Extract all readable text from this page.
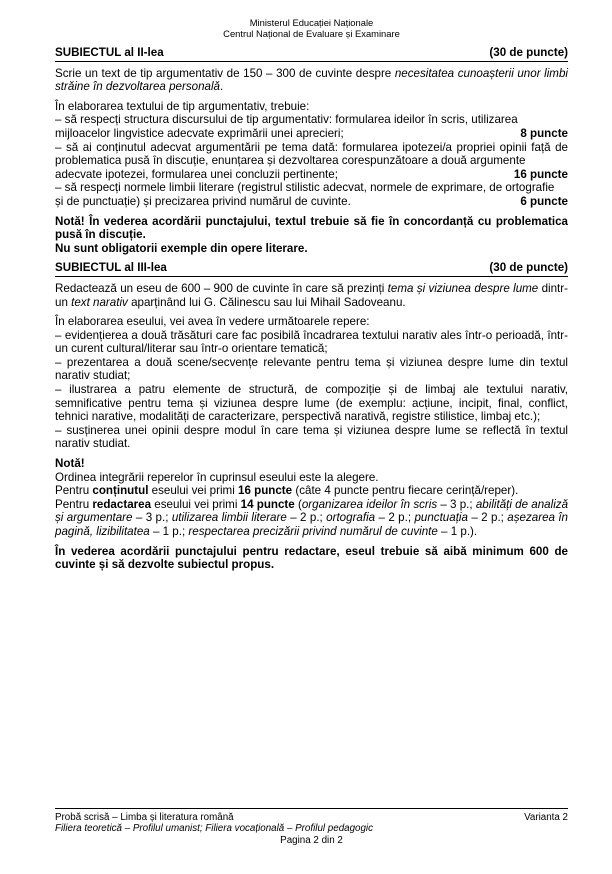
Ministerul Educației Naționale
Centrul Național de Evaluare și Examinare
SUBIECTUL al II-lea	(30 de puncte)

Scrie un text de tip argumentativ de 150 – 300 de cuvinte despre necesitatea cunoașterii unor limbi străine în dezvoltarea personală.

În elaborarea textului de tip argumentativ, trebuie:

– să respecți structura discursului de tip argumentativ: formularea ideilor în scris, utilizarea

mijloacelor lingvistice adecvate exprimării unei aprecieri;	8 puncte

– să ai conținutul adecvat argumentării pe tema dată: formularea ipotezei/a propriei opinii față de problematica pusă în discuție, enunțarea și dezvoltarea corespunzătoare a două argumente

adecvate ipotezei, formularea unei concluzii pertinente;	16 puncte

– să respecți normele limbii literare (registrul stilistic adecvat, normele de exprimare, de ortografie

și de punctuație) și precizarea privind numărul de cuvinte.	6 puncte

Notă! În vederea acordării punctajului, textul trebuie să fie în concordanță cu problematica pusă în discuție.

Nu sunt obligatorii exemple din opere literare.

SUBIECTUL al III-lea	(30 de puncte)

Redactează un eseu de 600 – 900 de cuvinte în care să prezinți tema și viziunea despre lume dintr-un text narativ aparținând lui G. Călinescu sau lui Mihail Sadoveanu.

În elaborarea eseului, vei avea în vedere următoarele repere:

– evidențierea a două trăsături care fac posibilă încadrarea textului narativ ales într-o perioadă, într-un curent cultural/literar sau într-o orientare tematică;

– prezentarea a două scene/secvențe relevante pentru tema și viziunea despre lume din textul narativ studiat;

– ilustrarea a patru elemente de structură, de compoziție și de limbaj ale textului narativ, semnificative pentru tema și viziunea despre lume (de exemplu: acțiune, incipit, final, conflict, tehnici narative, modalități de caracterizare, perspectivă narativă, registre stilistice, limbaj etc.);

– susținerea unei opinii despre modul în care tema și viziunea despre lume se reflectă în textul narativ studiat.

Notă!

Ordinea integrării reperelor în cuprinsul eseului este la alegere.

Pentru conținutul eseului vei primi 16 puncte (câte 4 puncte pentru fiecare cerință/reper).

Pentru redactarea eseului vei primi 14 puncte (organizarea ideilor în scris – 3 p.; abilități de analiză și argumentare – 3 p.; utilizarea limbii literare – 2 p.; ortografia – 2 p.; punctuația – 2 p.; așezarea în pagină, lizibilitatea – 1 p.; respectarea precizării privind numărul de cuvinte – 1 p.).

În vederea acordării punctajului pentru redactare, eseul trebuie să aibă minimum 600 de cuvinte și să dezvolte subiectul propus.

Probă scrisă – Limba și literatura română	Varianta 2
Filiera teoretică – Profilul umanist; Filiera vocațională – Profilul pedagogic
Pagina 2 din 2
